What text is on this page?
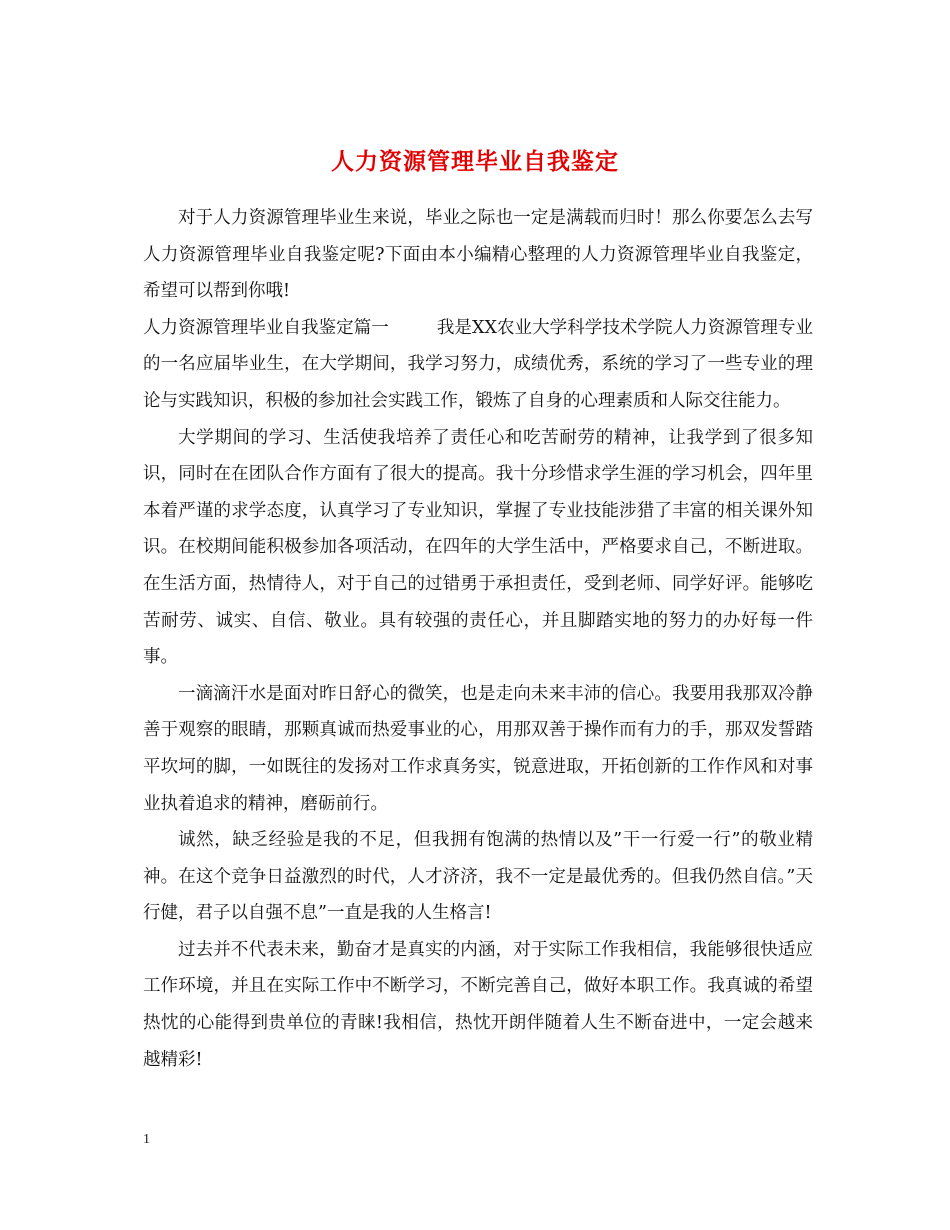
人力资源管理毕业自我鉴定

对于人力资源管理毕业生来说，毕业之际也一定是满载而归时！那么你要怎么去写人力资源管理毕业自我鉴定呢?下面由本小编精心整理的人力资源管理毕业自我鉴定，希望可以帮到你哦!

人力资源管理毕业自我鉴定篇一	我是XX农业大学科学技术学院人力资源管理专业的一名应届毕业生，在大学期间，我学习努力，成绩优秀，系统的学习了一些专业的理论与实践知识，积极的参加社会实践工作，锻炼了自身的心理素质和人际交往能力。

大学期间的学习、生活使我培养了责任心和吃苦耐劳的精神，让我学到了很多知识，同时在在团队合作方面有了很大的提高。我十分珍惜求学生涯的学习机会，四年里本着严谨的求学态度，认真学习了专业知识，掌握了专业技能涉猎了丰富的相关课外知识。在校期间能积极参加各项活动，在四年的大学生活中，严格要求自己，不断进取。在生活方面，热情待人，对于自己的过错勇于承担责任，受到老师、同学好评。能够吃苦耐劳、诚实、自信、敬业。具有较强的责任心，并且脚踏实地的努力的办好每一件事。

一滴滴汗水是面对昨日舒心的微笑，也是走向未来丰沛的信心。我要用我那双冷静善于观察的眼睛，那颗真诚而热爱事业的心，用那双善于操作而有力的手，那双发誓踏平坎坷的脚，一如既往的发扬对工作求真务实，锐意进取，开拓创新的工作作风和对事业执着追求的精神，磨砺前行。

诚然，缺乏经验是我的不足，但我拥有饱满的热情以及”干一行爱一行”的敬业精神。在这个竞争日益激烈的时代，人才济济，我不一定是最优秀的。但我仍然自信。”天行健，君子以自强不息”一直是我的人生格言!

过去并不代表未来，勤奋才是真实的内涵，对于实际工作我相信，我能够很快适应工作环境，并且在实际工作中不断学习，不断完善自己，做好本职工作。我真诚的希望热忱的心能得到贵单位的青睐!我相信，热忱开朗伴随着人生不断奋进中，一定会越来越精彩!

1
